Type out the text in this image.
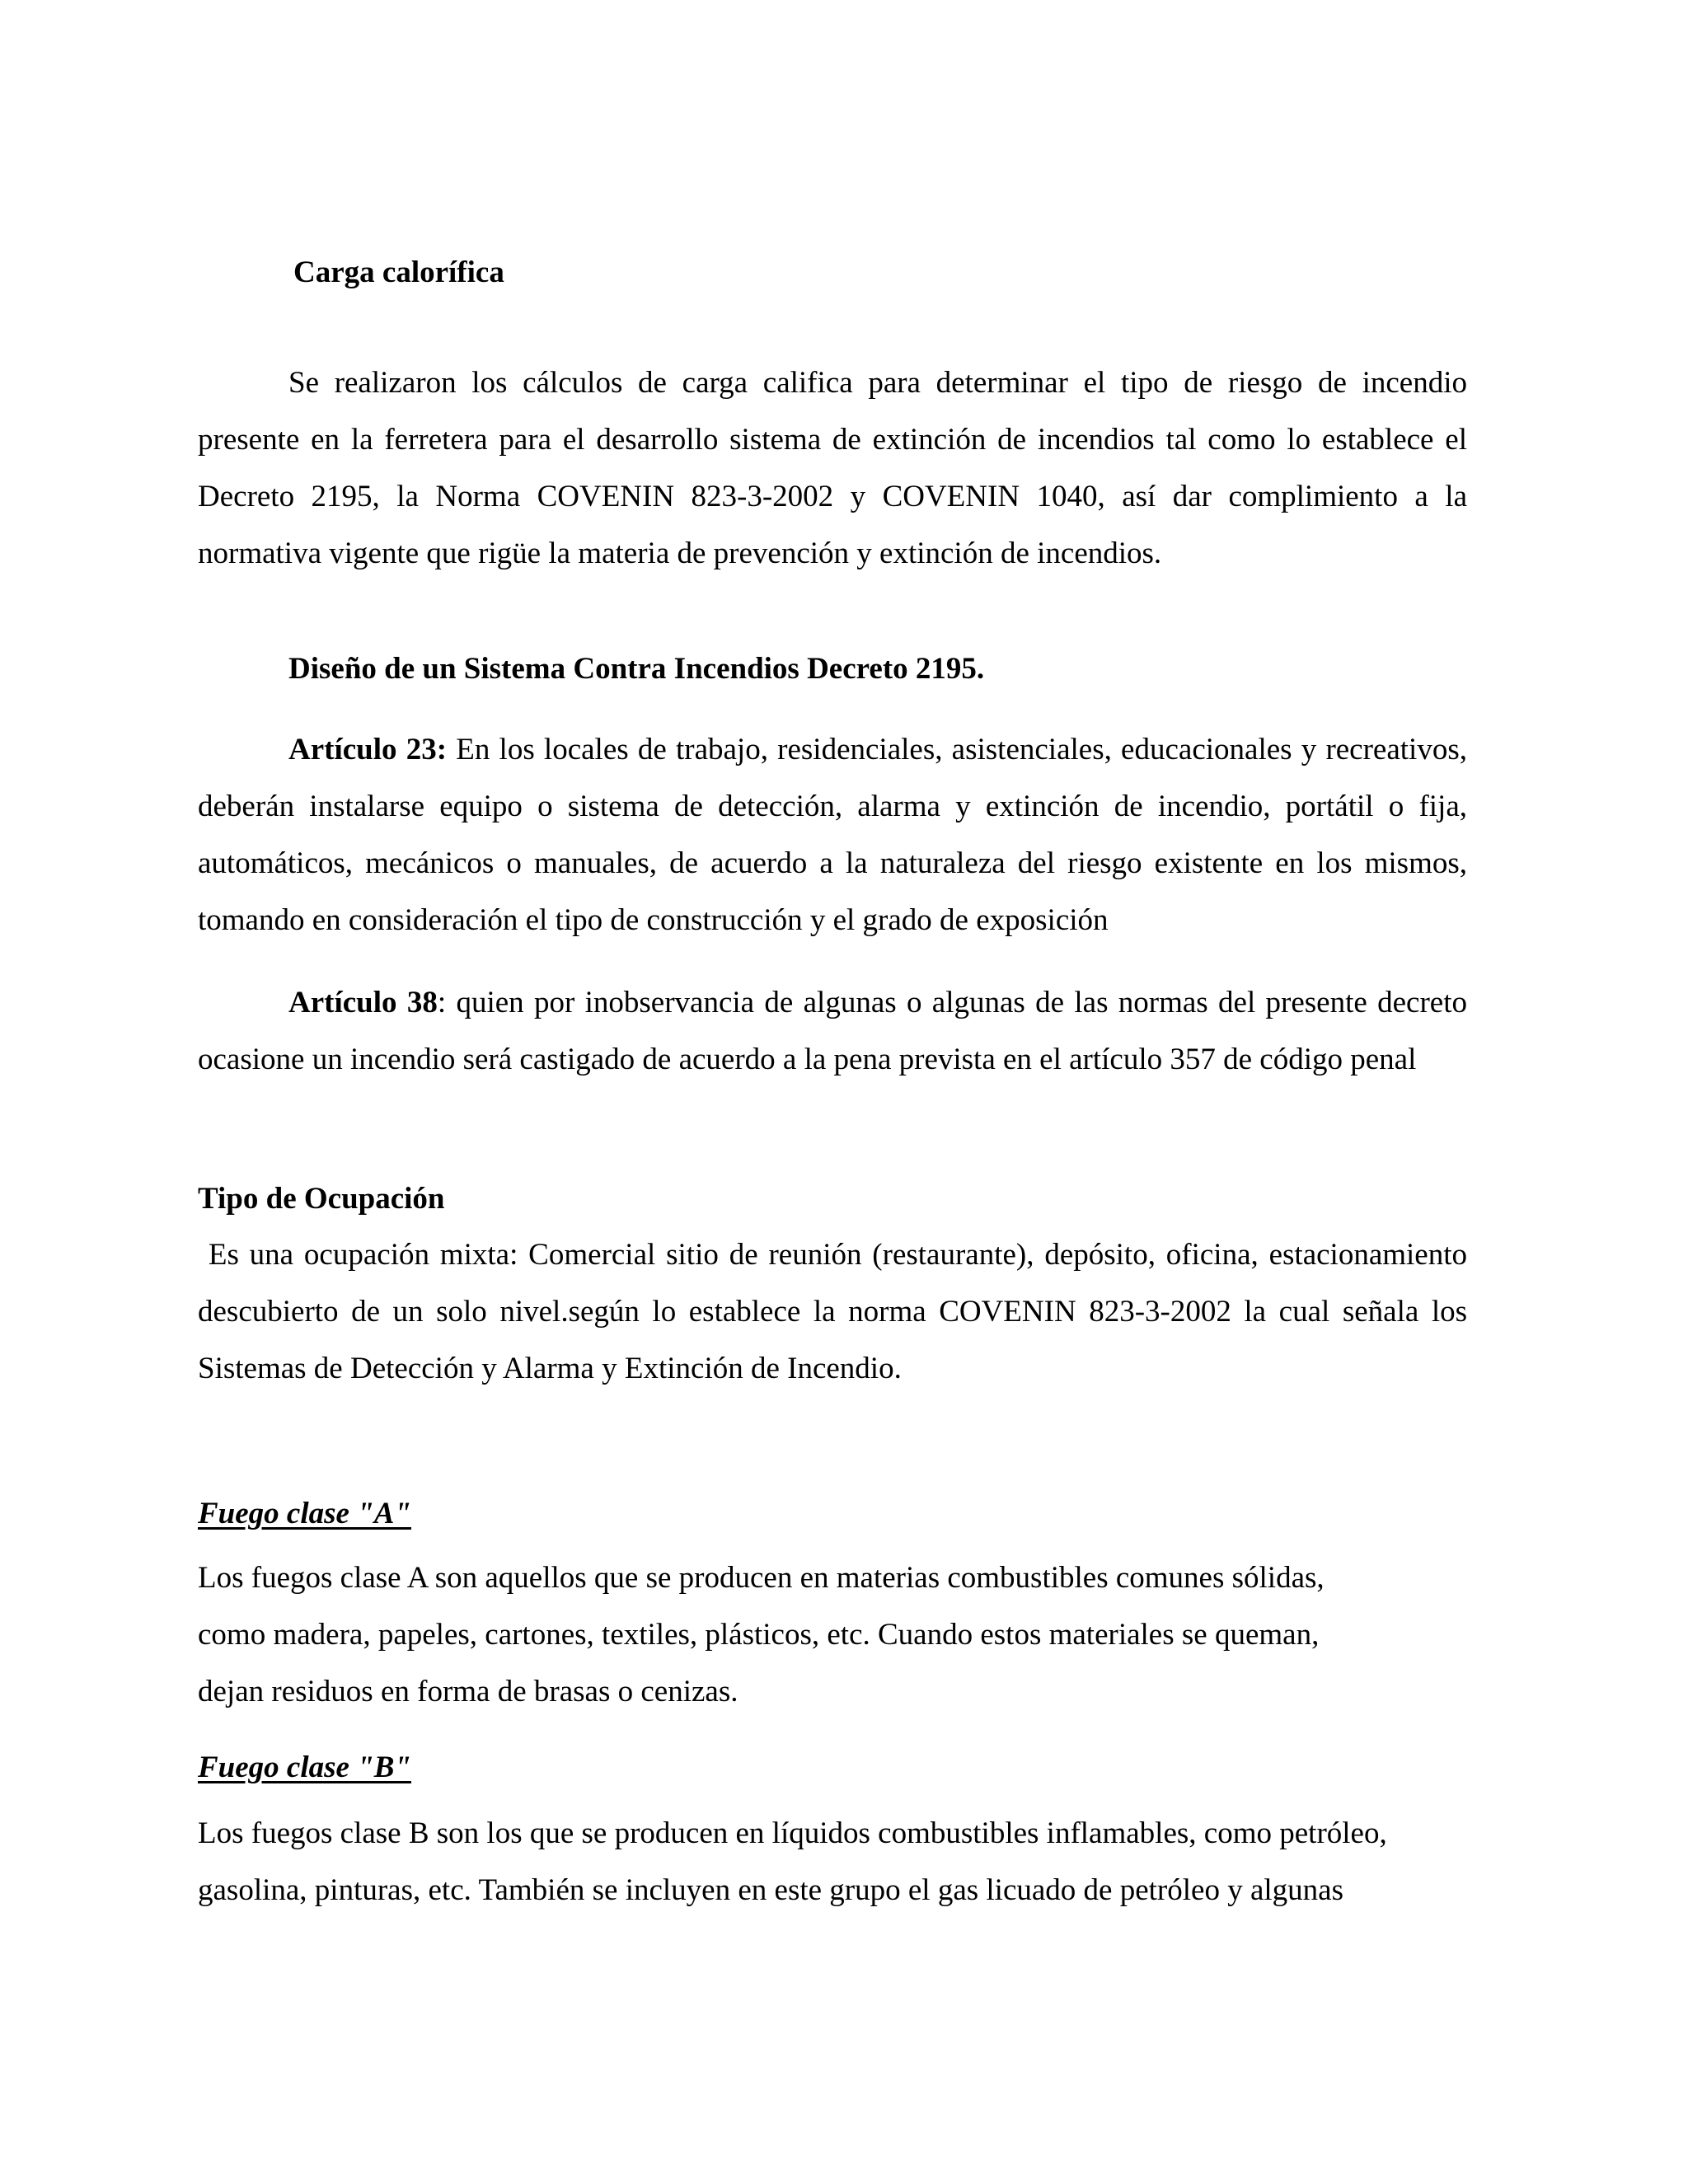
Carga calorífica
Se realizaron los cálculos de carga califica para determinar el tipo de riesgo de incendio presente en la ferretera para el desarrollo sistema de extinción de incendios tal como lo establece el Decreto 2195, la Norma COVENIN 823-3-2002 y COVENIN 1040, así dar complimiento a la normativa vigente que rigüe la materia de prevención y extinción de incendios.
Diseño de un Sistema Contra Incendios Decreto 2195.
Artículo 23: En los locales de trabajo, residenciales, asistenciales, educacionales y recreativos, deberán instalarse equipo o sistema de detección, alarma y extinción de incendio, portátil o fija, automáticos, mecánicos o manuales, de acuerdo a la naturaleza del riesgo existente en los mismos, tomando en consideración el tipo de construcción y el grado de exposición
Artículo 38: quien por inobservancia de algunas o algunas de las normas del presente decreto ocasione un incendio será castigado de acuerdo a la pena prevista en el artículo 357 de código penal
Tipo de Ocupación
Es una ocupación mixta: Comercial sitio de reunión (restaurante), depósito, oficina, estacionamiento descubierto de un solo nivel.según lo establece la norma COVENIN 823-3-2002 la cual señala los Sistemas de Detección y Alarma y Extinción de Incendio.
Fuego clase "A"
Los fuegos clase A son aquellos que se producen en materias combustibles comunes sólidas,
como madera, papeles, cartones, textiles, plásticos, etc. Cuando estos materiales se queman,
dejan residuos en forma de brasas o cenizas.
Fuego clase "B"
Los fuegos clase B son los que se producen en líquidos combustibles inflamables, como petróleo,
gasolina, pinturas, etc. También se incluyen en este grupo el gas licuado de petróleo y algunas
